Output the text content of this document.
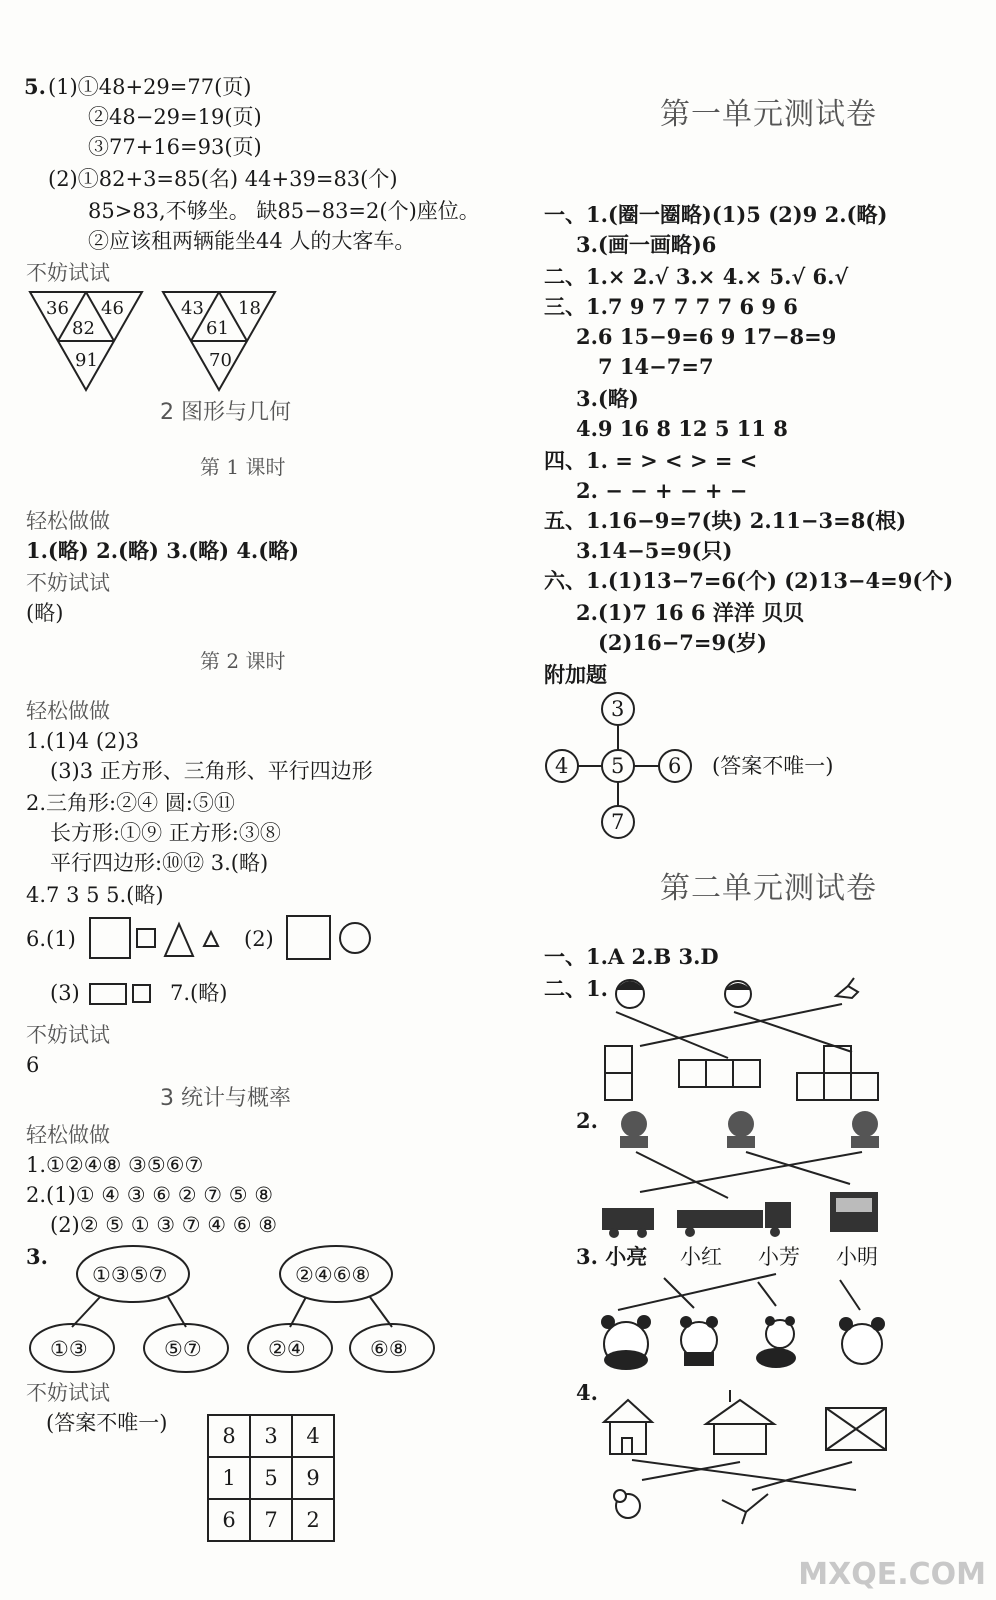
5. (1)①48+29=77(页)
②48−29=19(页)
③77+16=93(页)
(2)①82+3=85(名) 44+39=83(个)
85>83,不够坐。 缺85−83=2(个)座位。
②应该租两辆能坐44 人的大客车。
不妨试试
36 46
82
91
43 18
61
70
2 图形与几何
第 1 课时
轻松做做
1.(略) 2.(略) 3.(略) 4.(略)
不妨试试
(略)
第 2 课时
轻松做做
1.(1)4 (2)3
(3)3 正方形、三角形、平行四边形
2.三角形:②④ 圆:⑤⑪
长方形:①⑨ 正方形:③⑧
平行四边形:⑩⑫ 3.(略)
4.7 3 5 5.(略)
6.(1)	(2)
(3)	7.(略)
不妨试试
6
3 统计与概率
轻松做做
1.①②④⑧ ③⑤⑥⑦
2.(1)① ④ ③ ⑥ ② ⑦ ⑤ ⑧
(2)② ⑤ ① ③ ⑦ ④ ⑥ ⑧
3.
①③⑤⑦	②④⑥⑧
①③	⑤⑦	②④	⑥⑧
不妨试试
(答案不唯一)
8	3	4
1	5	9
6	7	2
第一单元测试卷
一、1.(圈一圈略)(1)5 (2)9 2.(略)
3.(画一画略)6
二、1.× 2.√ 3.× 4.× 5.√ 6.√
三、1.7 9 7 7 7 7 6 9 6
2.6 15−9=6 9 17−8=9
7 14−7=7
3.(略)
4.9 16 8 12 5 11 8
四、1. = > < > = <
2. − − + − + −
五、1.16−9=7(块) 2.11−3=8(根)
3.14−5=9(只)
六、1.(1)13−7=6(个) (2)13−4=9(个)
2.(1)7 16 6 洋洋 贝贝
(2)16−7=9(岁)
附加题
3
4 5 6
7
(答案不唯一)
第二单元测试卷
一、1.A 2.B 3.D
二、1.
2.
3. 小亮 小红 小芳 小明
4.
MXQE.COM
